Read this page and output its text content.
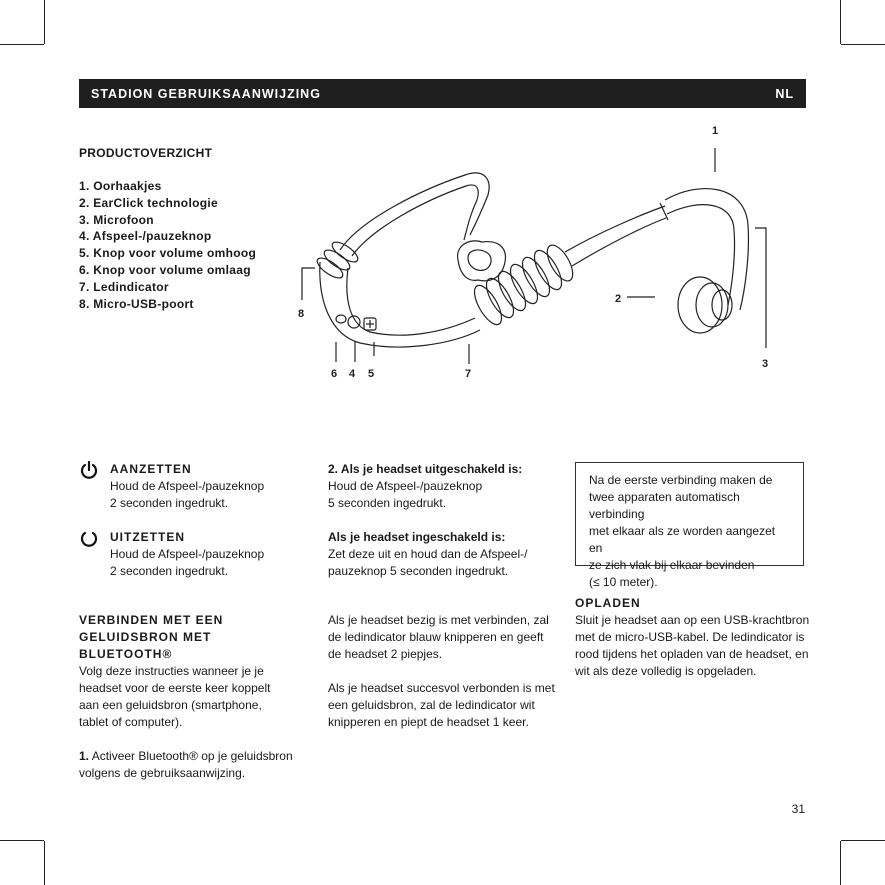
STADION GEBRUIKSAANWIJZING	NL
PRODUCTOVERZICHT
1. Oorhaakjes
2. EarClick technologie
3. Microfoon
4. Afspeel-/pauzeknop
5. Knop voor volume omhoog
6. Knop voor volume omlaag
7. Ledindicator
8. Micro-USB-poort
1
2
3
4 5
6	7
8
AANZETTEN
Houd de Afspeel-/pauzeknop
2 seconden ingedrukt.
UITZETTEN
Houd de Afspeel-/pauzeknop
2 seconden ingedrukt.
VERBINDEN MET EEN
GELUIDSBRON MET
BLUETOOTH®
Volg deze instructies wanneer je je
headset voor de eerste keer koppelt
aan een geluidsbron (smartphone,
tablet of computer).
1. Activeer Bluetooth® op je geluidsbron
volgens de gebruiksaanwijzing.
2. Als je headset uitgeschakeld is:
Houd de Afspeel-/pauzeknop
5 seconden ingedrukt.
Als je headset ingeschakeld is:
Zet deze uit en houd dan de Afspeel-/
pauzeknop 5 seconden ingedrukt.
Als je headset bezig is met verbinden, zal
de ledindicator blauw knipperen en geeft
de headset 2 piepjes.
Als je headset succesvol verbonden is met
een geluidsbron, zal de ledindicator wit
knipperen en piept de headset 1 keer.
Na de eerste verbinding maken de
twee apparaten automatisch verbinding
met elkaar als ze worden aangezet en
ze zich vlak bij elkaar bevinden
(≤ 10 meter).
OPLADEN
Sluit je headset aan op een USB-krachtbron
met de micro-USB-kabel. De ledindicator is
rood tijdens het opladen van de headset, en
wit als deze volledig is opgeladen.
31
